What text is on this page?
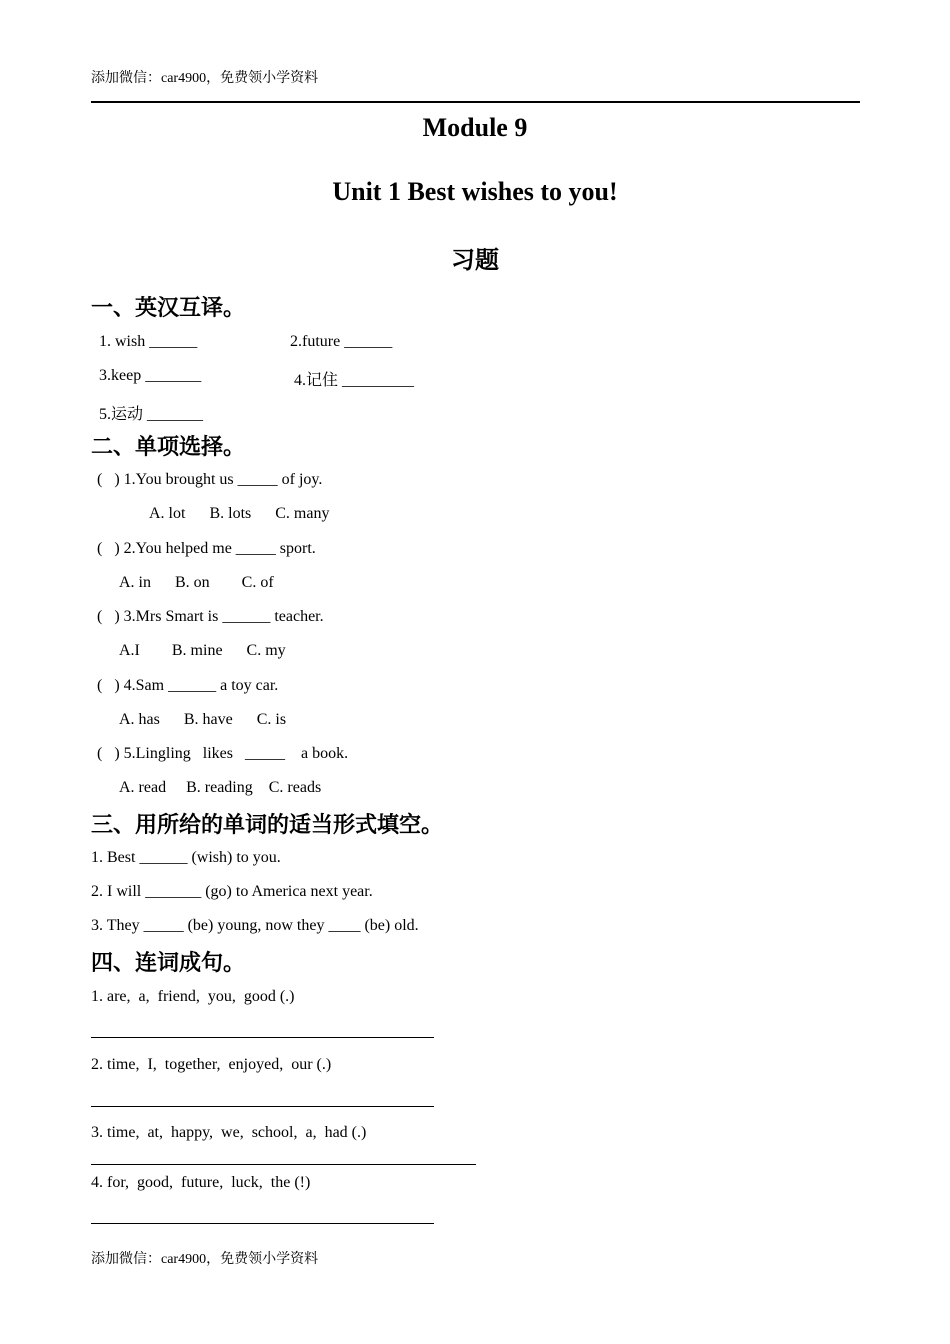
添加微信：car4900，免费领小学资料
Module 9
Unit 1 Best wishes to you!
习题
一、英汉互译。
1. wish ______	2.future ______
3.keep _______	4.记住 _________
5.运动 _______
二、单项选择。
(   ) 1.You brought us _____ of joy.
A. lot      B. lots      C. many
(   ) 2.You helped me _____ sport.
A. in      B. on        C. of
(   ) 3.Mrs Smart is ______ teacher.
A.I        B. mine      C. my
(   ) 4.Sam ______ a toy car.
A. has      B. have      C. is
(   ) 5.Lingling   likes   _____    a book.
A. read     B. reading    C. reads
三、用所给的单词的适当形式填空。
1. Best ______ (wish) to you.
2. I will _______ (go) to America next year.
3. They _____ (be) young, now they ____ (be) old.
四、连词成句。
1. are,  a,  friend,  you,  good (.)
2. time,  I,  together,  enjoyed,  our (.)
3. time,  at,  happy,  we,  school,  a,  had (.)
4. for,  good,  future,  luck,  the (!)
添加微信：car4900，免费领小学资料
